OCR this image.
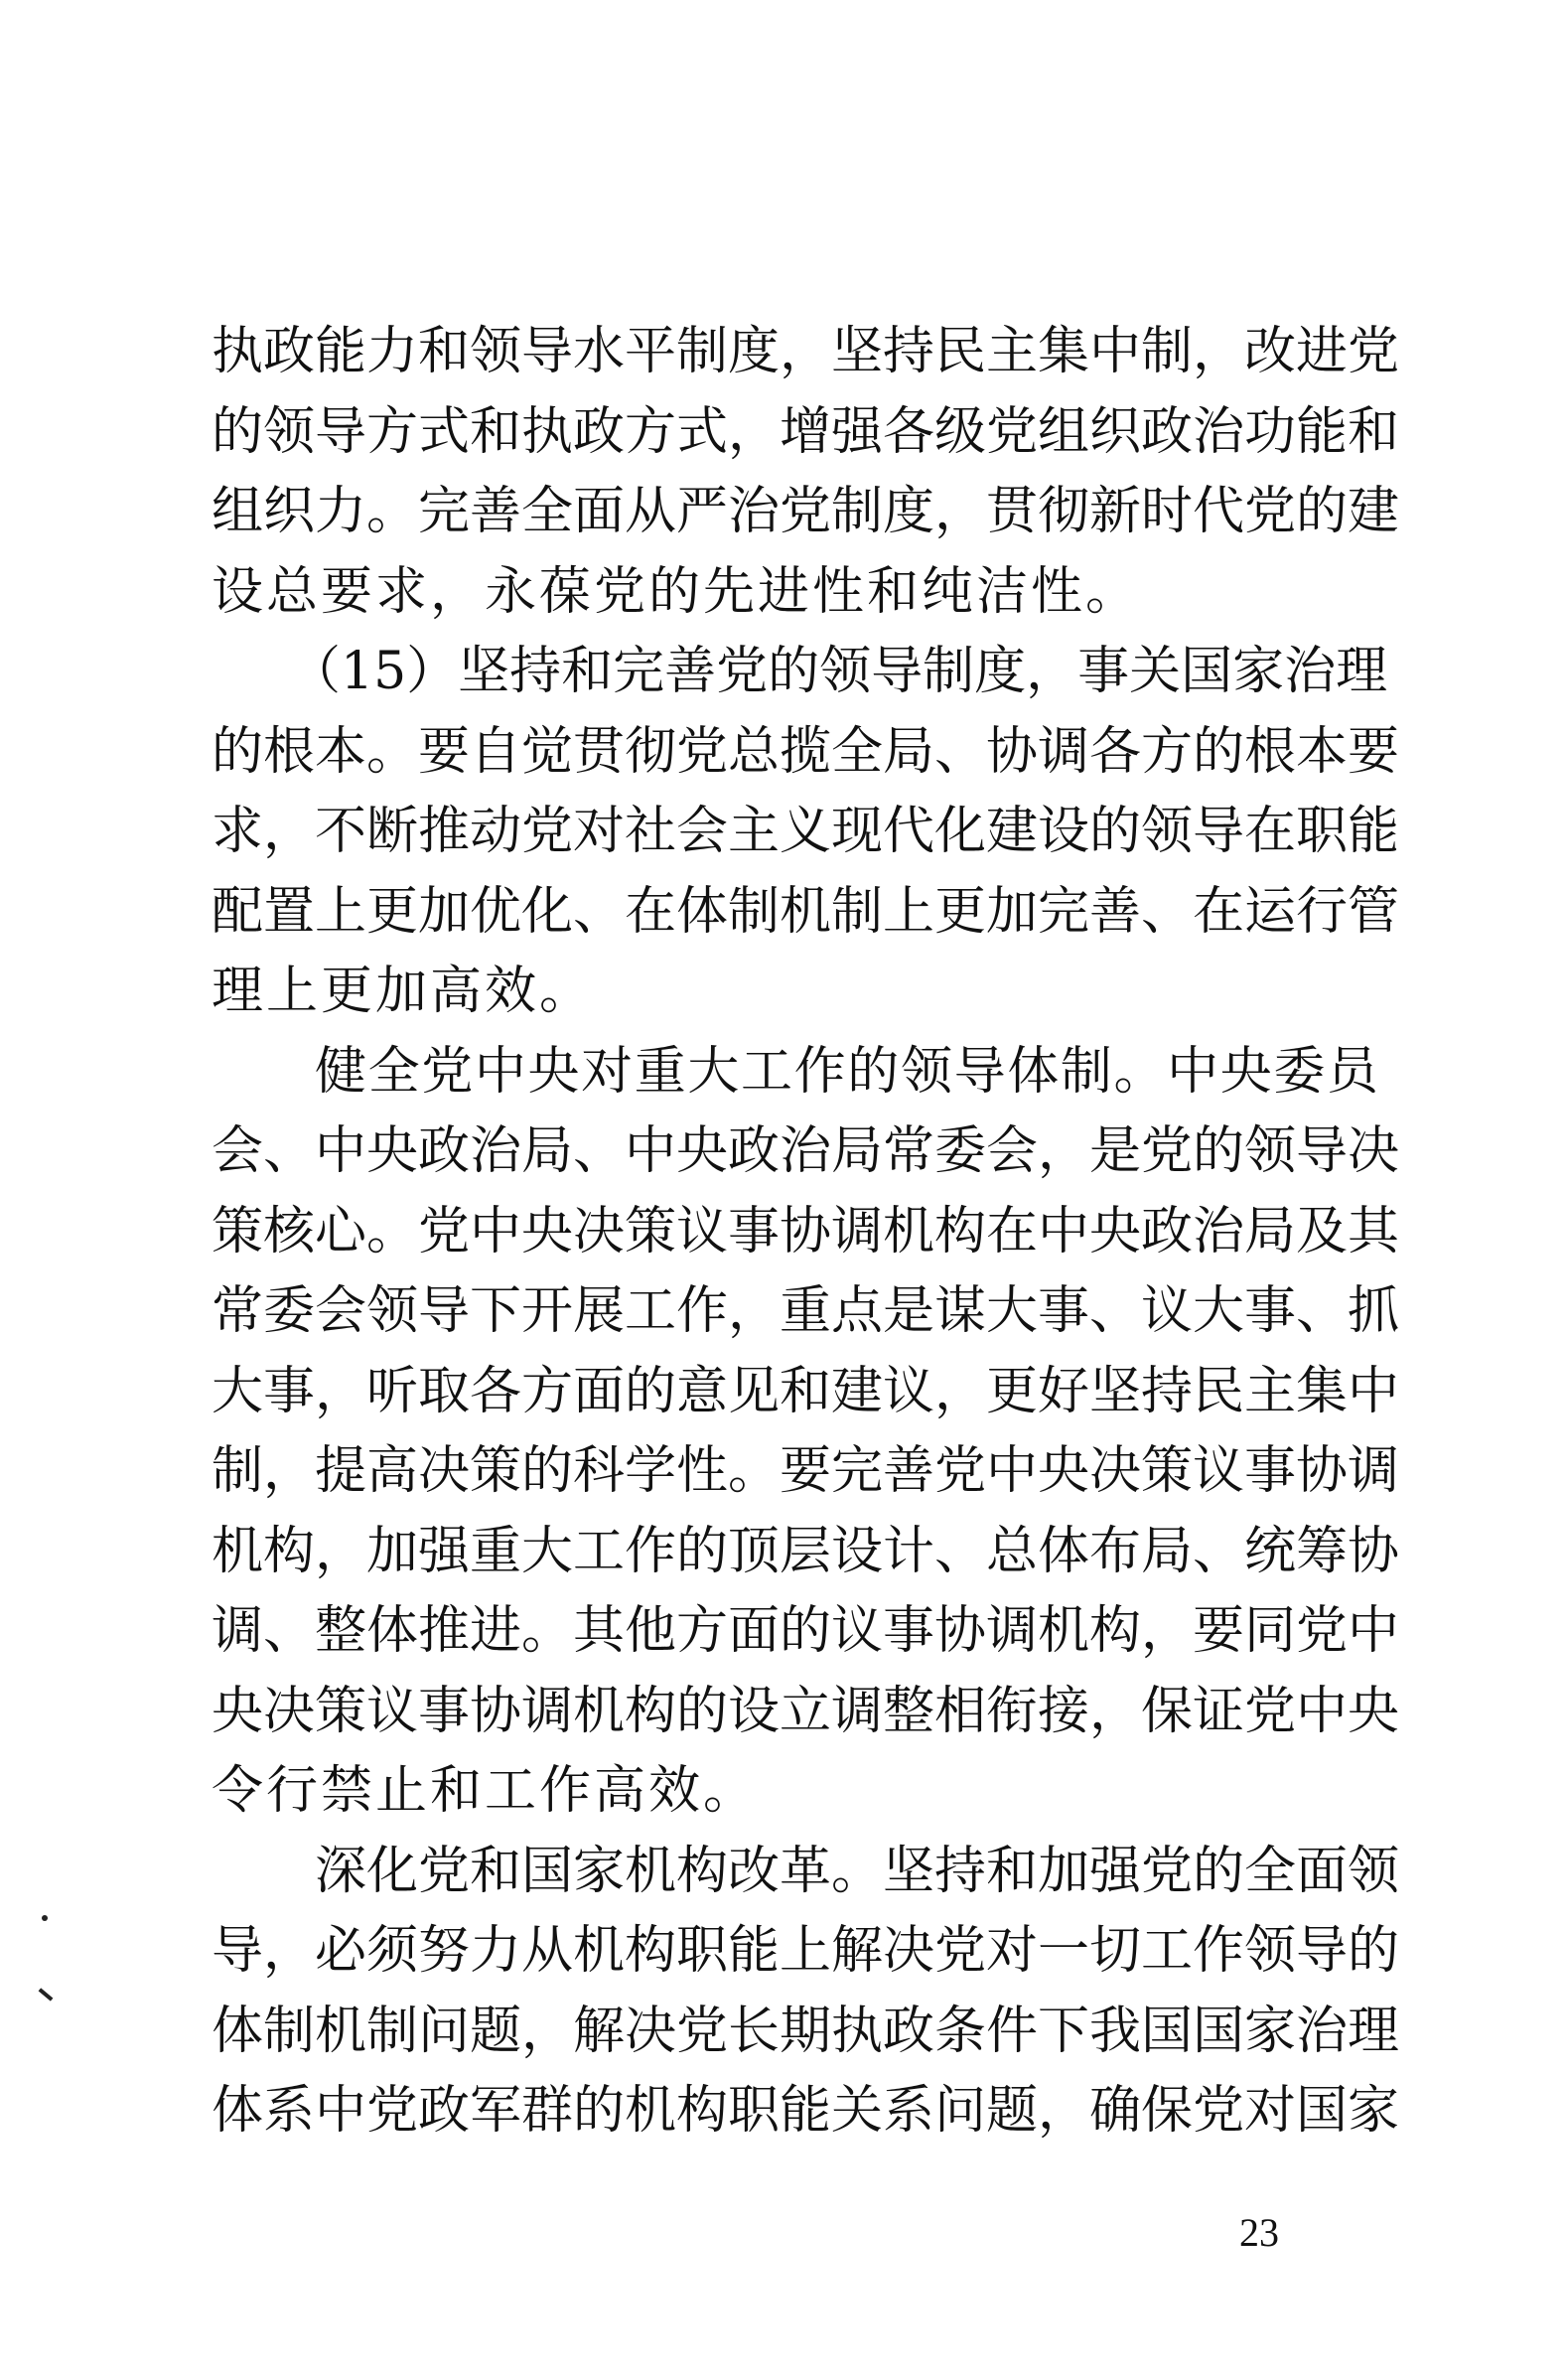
执政能力和领导水平制度，坚持民主集中制，改进党
的领导方式和执政方式，增强各级党组织政治功能和
组织力。完善全面从严治党制度，贯彻新时代党的建
设总要求，永葆党的先进性和纯洁性。
（15）坚持和完善党的领导制度，事关国家治理
的根本。要自觉贯彻党总揽全局、协调各方的根本要
求，不断推动党对社会主义现代化建设的领导在职能
配置上更加优化、在体制机制上更加完善、在运行管
理上更加高效。
健全党中央对重大工作的领导体制。中央委员
会、中央政治局、中央政治局常委会，是党的领导决
策核心。党中央决策议事协调机构在中央政治局及其
常委会领导下开展工作，重点是谋大事、议大事、抓
大事，听取各方面的意见和建议，更好坚持民主集中
制，提高决策的科学性。要完善党中央决策议事协调
机构，加强重大工作的顶层设计、总体布局、统筹协
调、整体推进。其他方面的议事协调机构，要同党中
央决策议事协调机构的设立调整相衔接，保证党中央
令行禁止和工作高效。
深化党和国家机构改革。坚持和加强党的全面领
导，必须努力从机构职能上解决党对一切工作领导的
体制机制问题，解决党长期执政条件下我国国家治理
体系中党政军群的机构职能关系问题，确保党对国家
23
